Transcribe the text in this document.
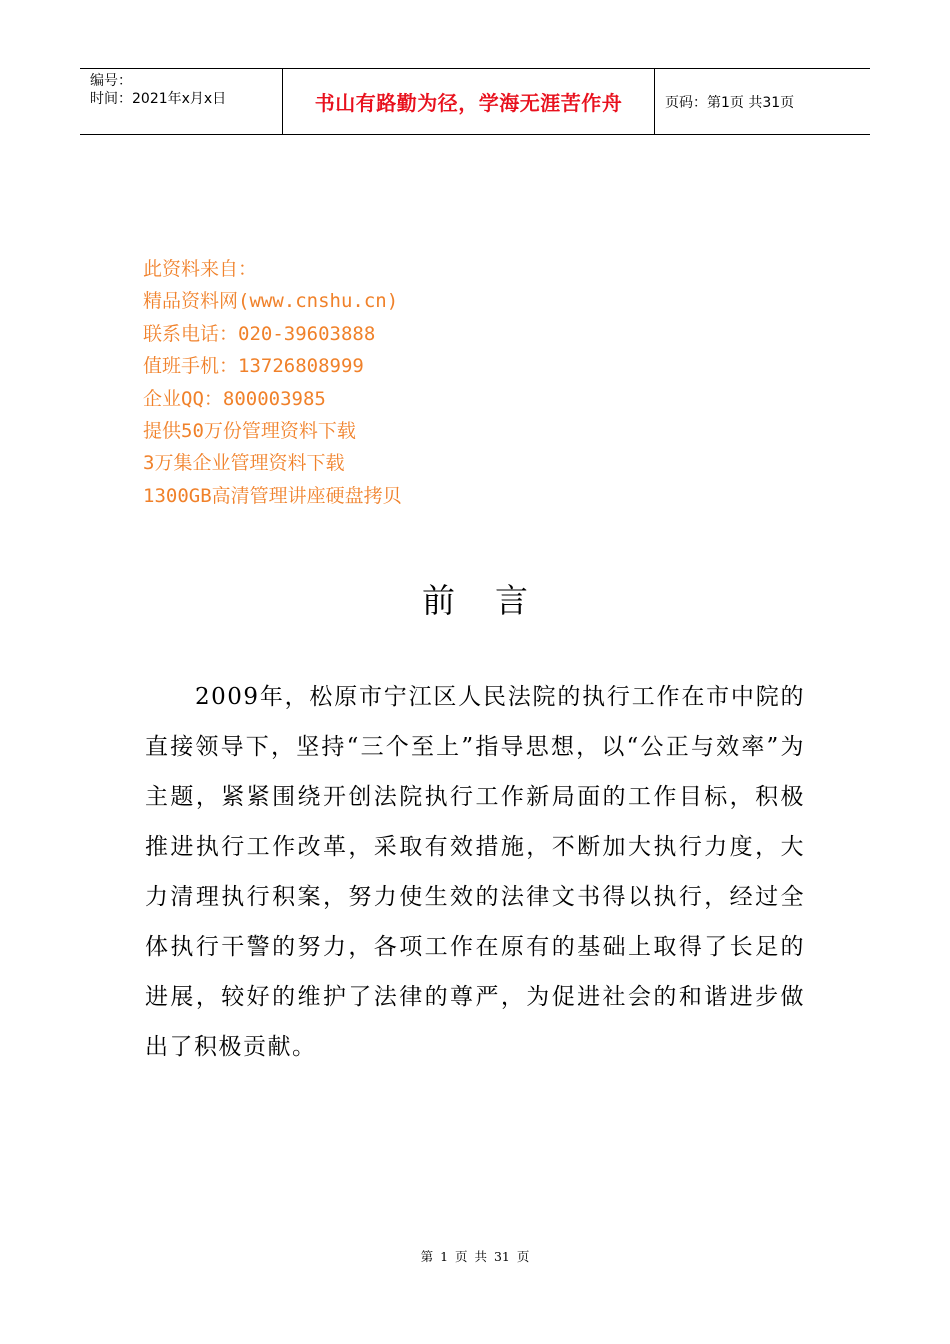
编号：
时间：2021年x月x日	书山有路勤为径，学海无涯苦作舟	页码：第1页 共31页
此资料来自：
精品资料网(www.cnshu.cn)
联系电话：020-39603888
值班手机：13726808999
企业QQ：800003985
提供50万份管理资料下载
3万集企业管理资料下载
1300GB高清管理讲座硬盘拷贝
前言
2009年，松原市宁江区人民法院的执行工作在市中院的直接领导下，坚持“三个至上”指导思想，以“公正与效率”为主题，紧紧围绕开创法院执行工作新局面的工作目标，积极推进执行工作改革，采取有效措施，不断加大执行力度，大力清理执行积案，努力使生效的法律文书得以执行，经过全体执行干警的努力，各项工作在原有的基础上取得了长足的进展，较好的维护了法律的尊严，为促进社会的和谐进步做出了积极贡献。
第 1 页 共 31 页
